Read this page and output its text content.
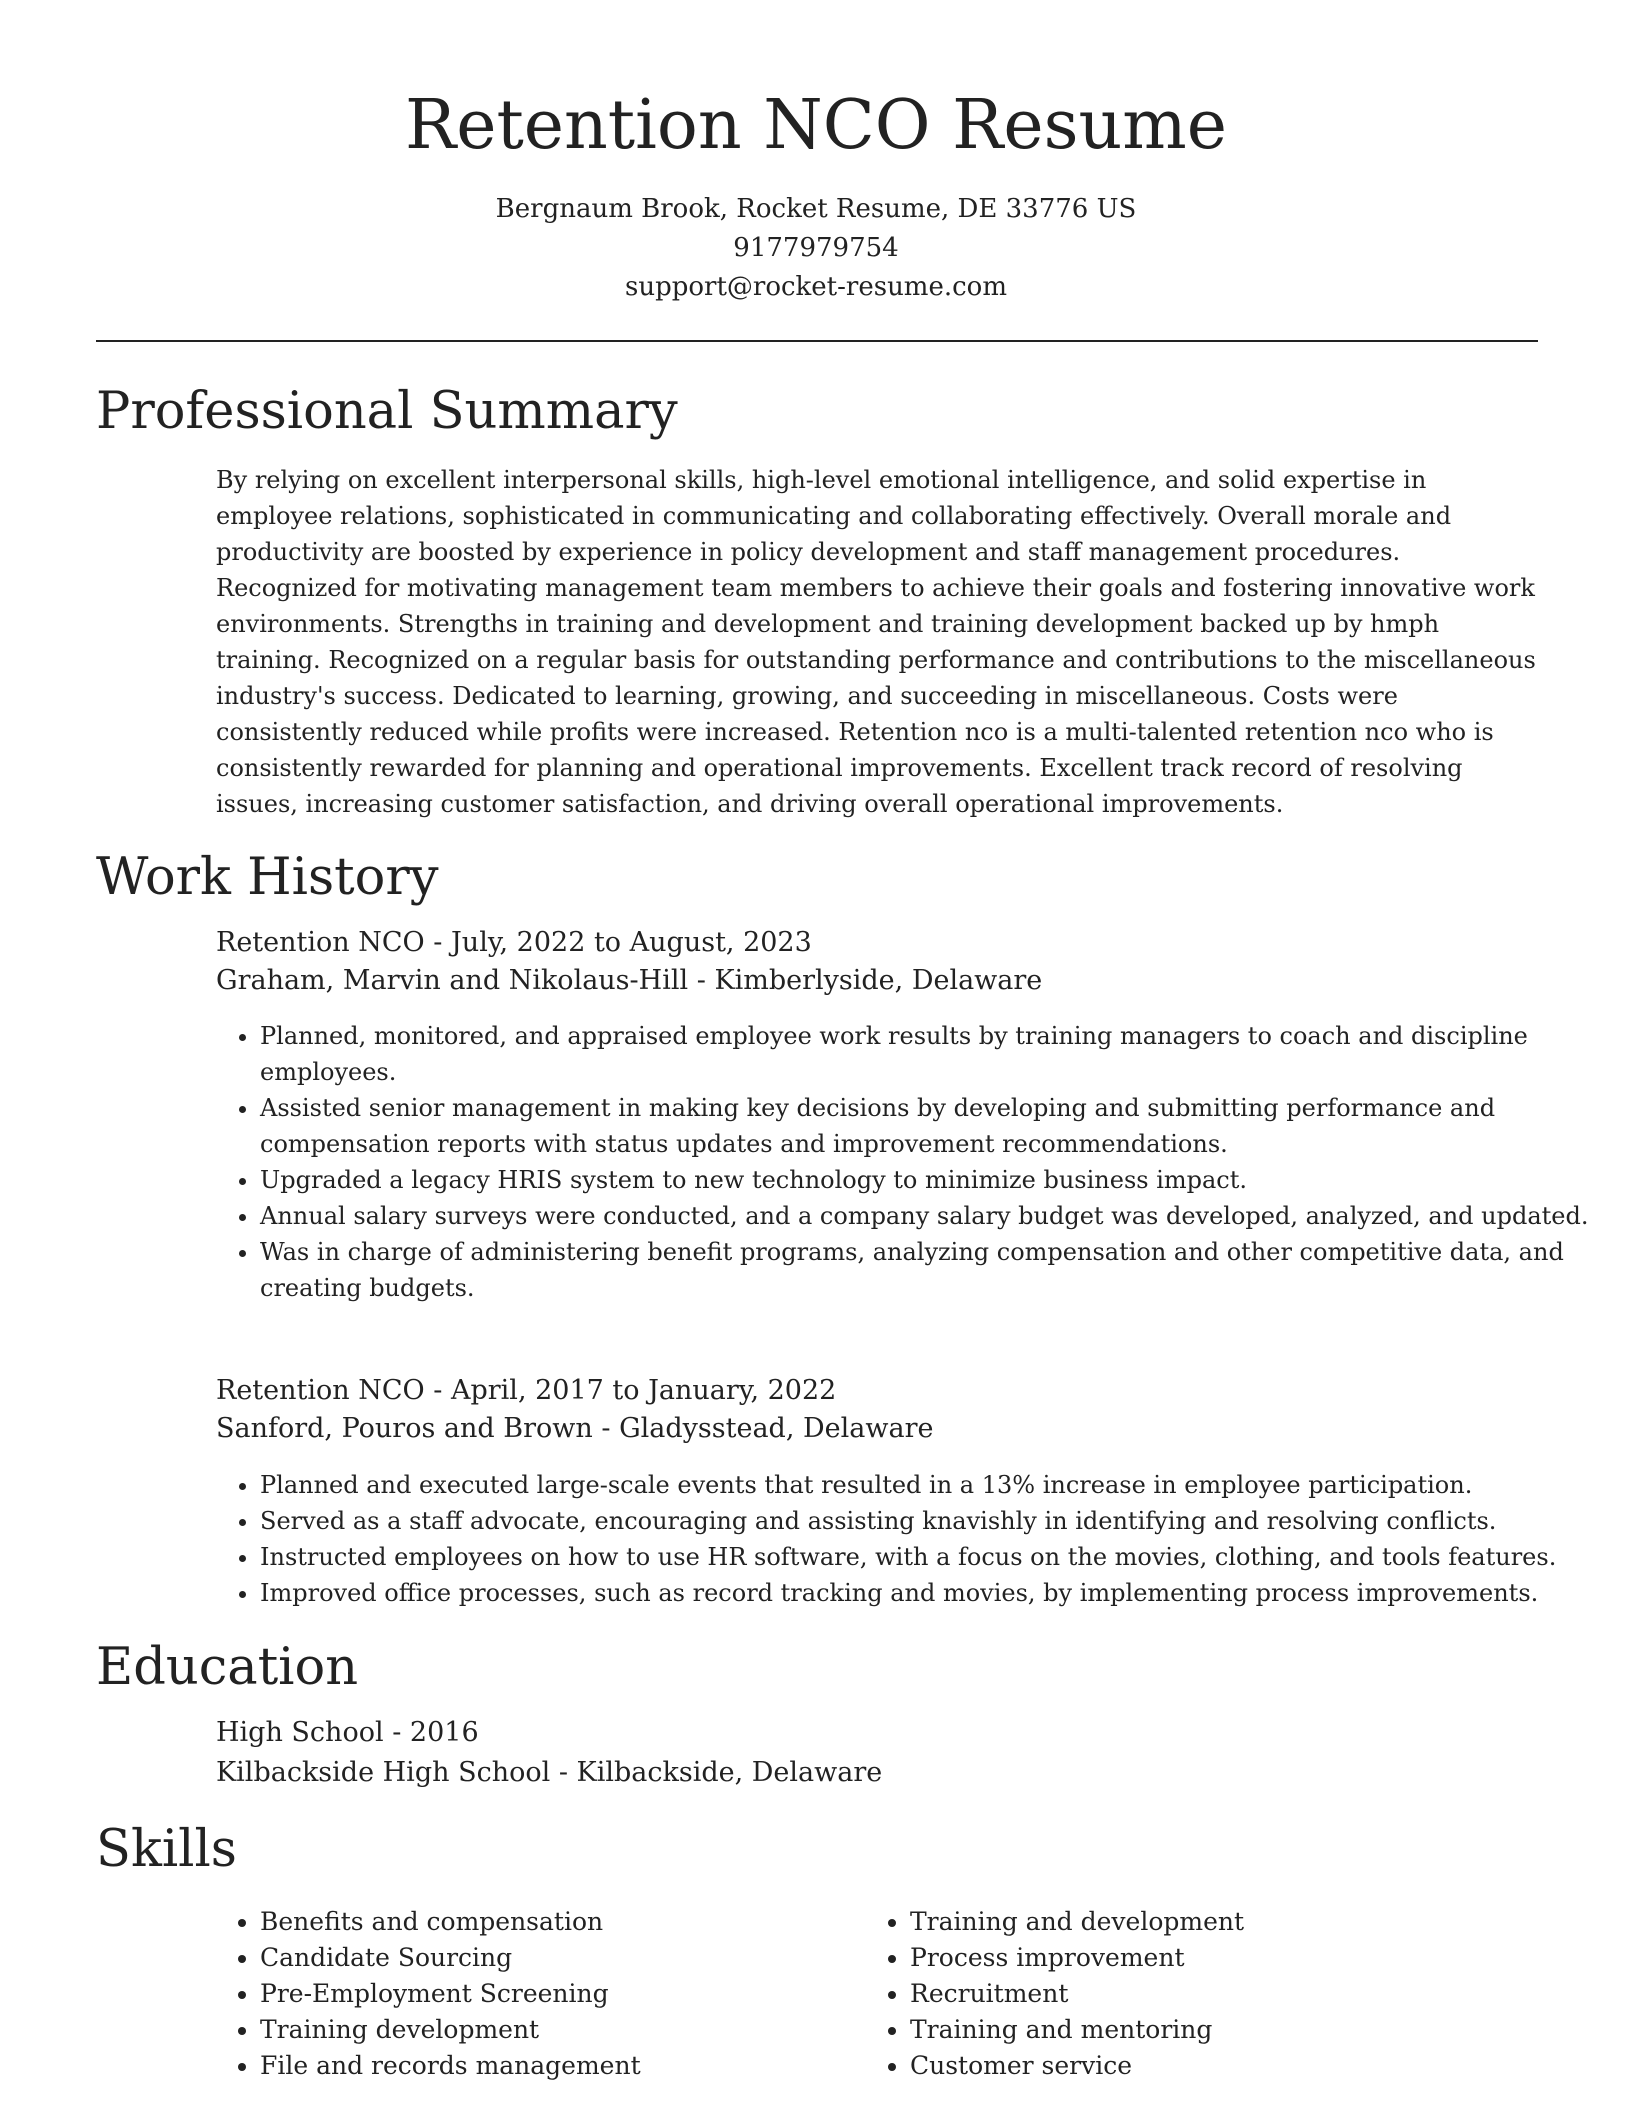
Retention NCO Resume
Bergnaum Brook, Rocket Resume, DE 33776 US
9177979754
support@rocket-resume.com
Professional Summary

By relying on excellent interpersonal skills, high-level emotional intelligence, and solid expertise in employee relations, sophisticated in communicating and collaborating effectively. Overall morale and productivity are boosted by experience in policy development and staff management procedures. Recognized for motivating management team members to achieve their goals and fostering innovative work environments. Strengths in training and development and training development backed up by hmph training. Recognized on a regular basis for outstanding performance and contributions to the miscellaneous industry's success. Dedicated to learning, growing, and succeeding in miscellaneous. Costs were consistently reduced while profits were increased. Retention nco is a multi-talented retention nco who is consistently rewarded for planning and operational improvements. Excellent track record of resolving issues, increasing customer satisfaction, and driving overall operational improvements.

Work History
Retention NCO - July, 2022 to August, 2023
Graham, Marvin and Nikolaus-Hill - Kimberlyside, Delaware
• Planned, monitored, and appraised employee work results by training managers to coach and discipline employees.
• Assisted senior management in making key decisions by developing and submitting performance and compensation reports with status updates and improvement recommendations.
• Upgraded a legacy HRIS system to new technology to minimize business impact.
• Annual salary surveys were conducted, and a company salary budget was developed, analyzed, and updated.
• Was in charge of administering benefit programs, analyzing compensation and other competitive data, and creating budgets.
Retention NCO - April, 2017 to January, 2022
Sanford, Pouros and Brown - Gladysstead, Delaware
• Planned and executed large-scale events that resulted in a 13% increase in employee participation.
• Served as a staff advocate, encouraging and assisting knavishly in identifying and resolving conflicts.
• Instructed employees on how to use HR software, with a focus on the movies, clothing, and tools features.
• Improved office processes, such as record tracking and movies, by implementing process improvements.
Education
High School - 2016
Kilbackside High School - Kilbackside, Delaware
Skills
• Benefits and compensation
• Candidate Sourcing
• Pre-Employment Screening
• Training development
• File and records management
• Training and development
• Process improvement
• Recruitment
• Training and mentoring
• Customer service
